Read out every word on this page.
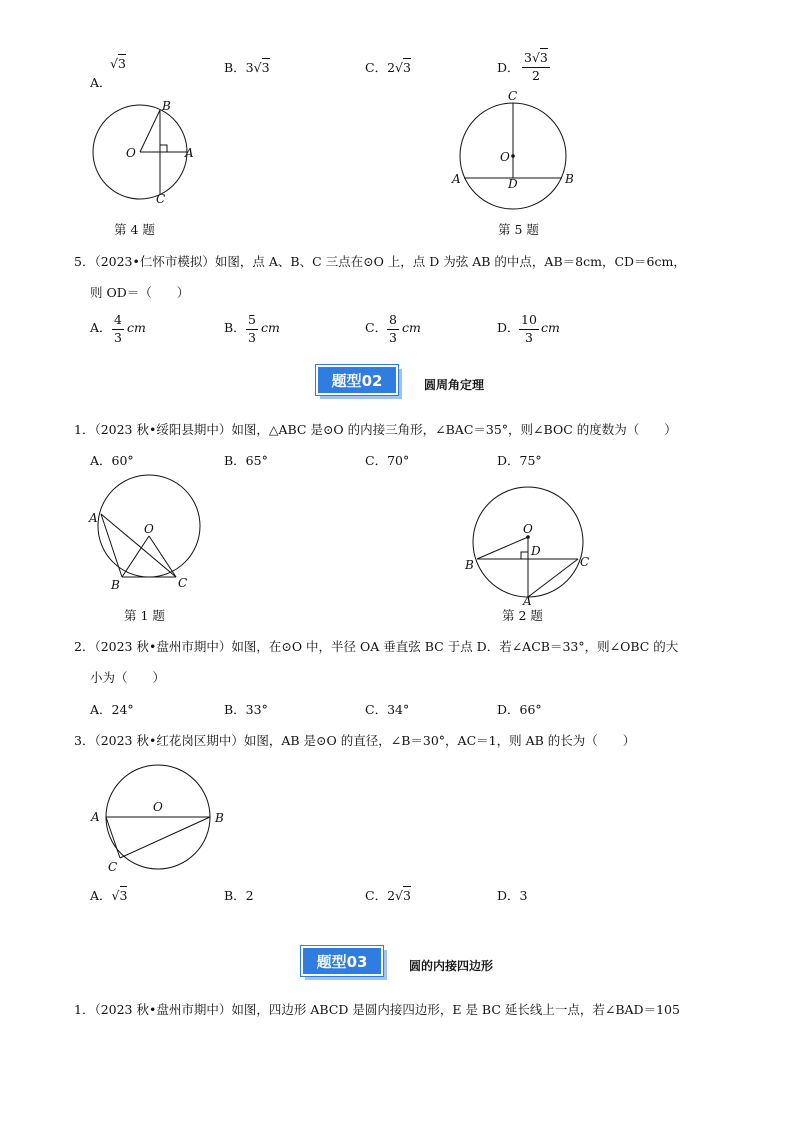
A．
√3	B．3√3	C．2√3	D． $\frac{3√3}{2}$
O	A
B
C
C
O
D
A	B
A
O
B	C
O
D
B	C
A
O
A	B
C
第 4 题	第 5 题
5．（2023•仁怀市模拟）如图，点 A、B、C 三点在⊙O 上，点 D 为弦 AB 的中点，AB＝8cm，CD＝6cm，
则 OD＝（　　）
A． $\frac{4}{3}$ cm	B． $\frac{5}{3}$ cm	C． $\frac{8}{3}$ cm	D． $\frac{10}{3}$ cm
题型02	圆周角定理
1．（2023 秋•绥阳县期中）如图，△ABC 是⊙O 的内接三角形，∠BAC＝35°，则∠BOC 的度数为（　　）
A．60°	B．65°	C．70°	D．75°
第 1 题	第 2 题
2．（2023 秋•盘州市期中）如图，在⊙O 中，半径 OA 垂直弦 BC 于点 D．若∠ACB＝33°，则∠OBC 的大
小为（　　）
A．24°	B．33°	C．34°	D．66°
3．（2023 秋•红花岗区期中）如图，AB 是⊙O 的直径，∠B＝30°，AC＝1，则 AB 的长为（　　）
A．√3	B．2	C．2√3	D．3
题型03	圆的内接四边形
1．（2023 秋•盘州市期中）如图，四边形 ABCD 是圆内接四边形，E 是 BC 延长线上一点，若∠BAD＝105
